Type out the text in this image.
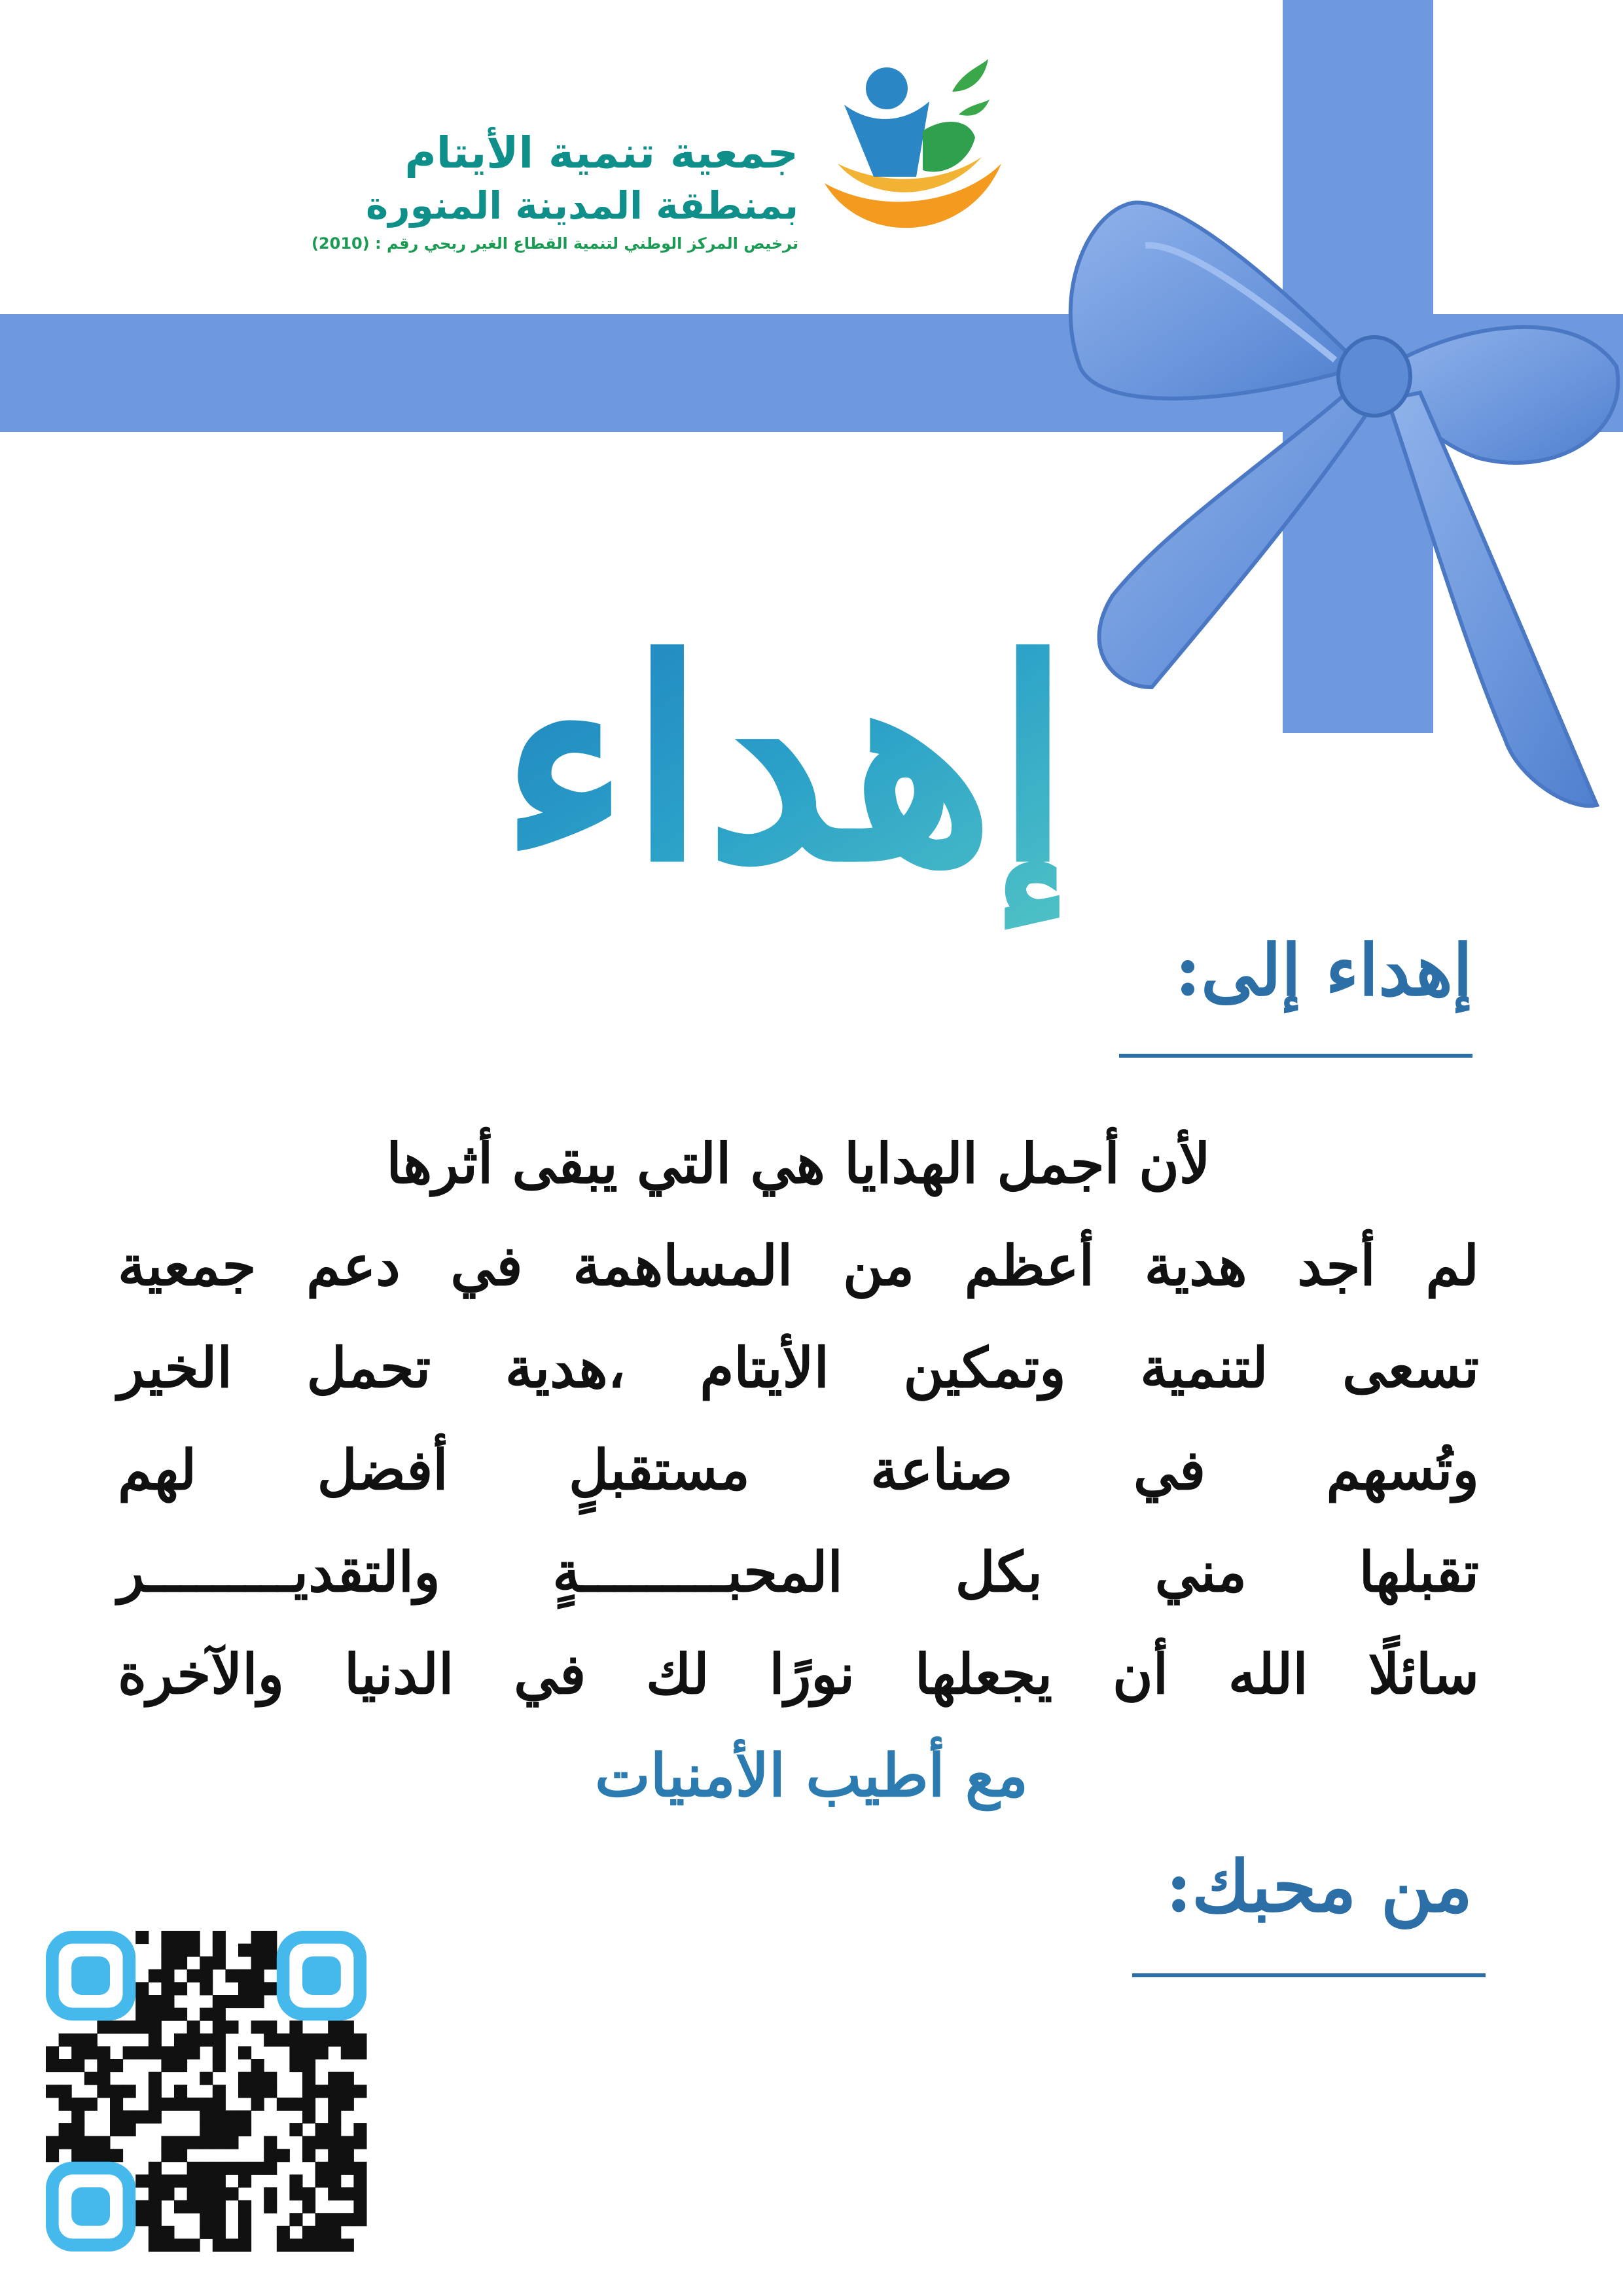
جمعية تنمية الأيتام
بمنطقة المدينة المنورة
ترخيص المركز الوطني لتنمية القطاع الغير ربحي رقم : (2010)
إهداء
إهداء إلى:
لأن أجمل الهدايا هي التي يبقى أثرها
لم أجد هدية أعظم من المساهمة في دعم جمعية
تسعى لتنمية وتمكين الأيتام ،هدية تحمل الخير
وتُسهم في صناعة مستقبلٍ أفضل لهم
تقبلها مني بكل المحبـــــــــةٍ والتقديـــــــــر
سائلًا الله أن يجعلها نورًا لك في الدنيا والآخرة
مع أطيب الأمنيات
من محبك:
